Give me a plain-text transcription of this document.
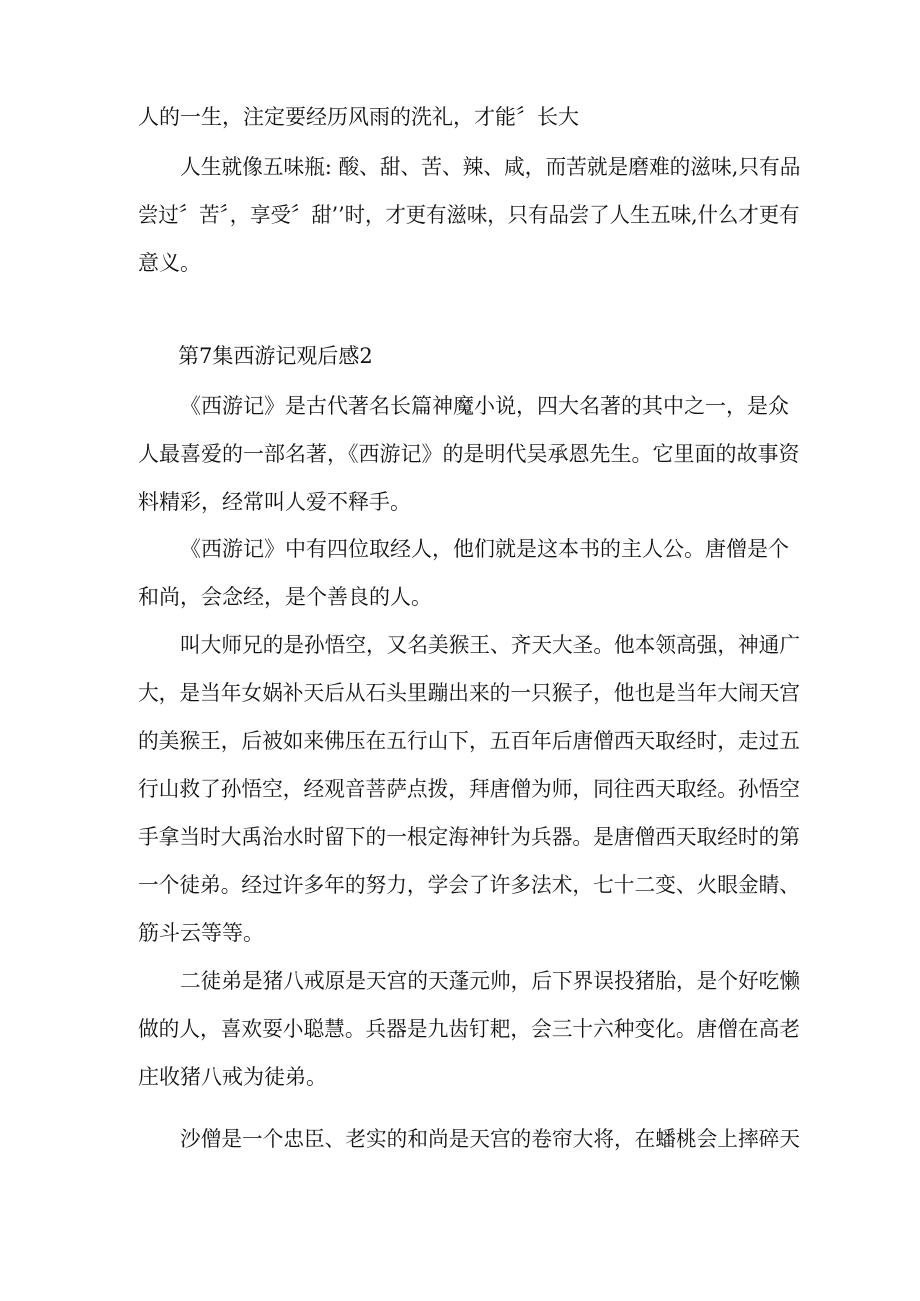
人的一生，注定要经历风雨的洗礼，才能〞长大
人生就像五味瓶: 酸、甜、苦、辣、咸，而苦就是磨难的滋味,只有品
尝过〞苦〞，享受〞甜’’时，才更有滋味，只有品尝了人生五味,什么才更有
意义。
第7集西游记观后感2
《西游记》是古代著名长篇神魔小说，四大名著的其中之一，是众
人最喜爱的一部名著，《西游记》的是明代吴承恩先生。它里面的故事资
料精彩，经常叫人爱不释手。
《西游记》中有四位取经人，他们就是这本书的主人公。唐僧是个
和尚，会念经，是个善良的人。
叫大师兄的是孙悟空，又名美猴王、齐天大圣。他本领高强，神通广
大，是当年女娲补天后从石头里蹦出来的一只猴子，他也是当年大闹天宫
的美猴王，后被如来佛压在五行山下，五百年后唐僧西天取经时，走过五
行山救了孙悟空，经观音菩萨点拨，拜唐僧为师，同往西天取经。孙悟空
手拿当时大禹治水时留下的一根定海神针为兵器。是唐僧西天取经时的第
一个徒弟。经过许多年的努力，学会了许多法术，七十二变、火眼金睛、
筋斗云等等。
二徒弟是猪八戒原是天宫的天蓬元帅，后下界误投猪胎，是个好吃懒
做的人，喜欢耍小聪慧。兵器是九齿钉耙，会三十六种变化。唐僧在高老
庄收猪八戒为徒弟。
沙僧是一个忠臣、老实的和尚是天宫的卷帘大将，在蟠桃会上摔碎天
